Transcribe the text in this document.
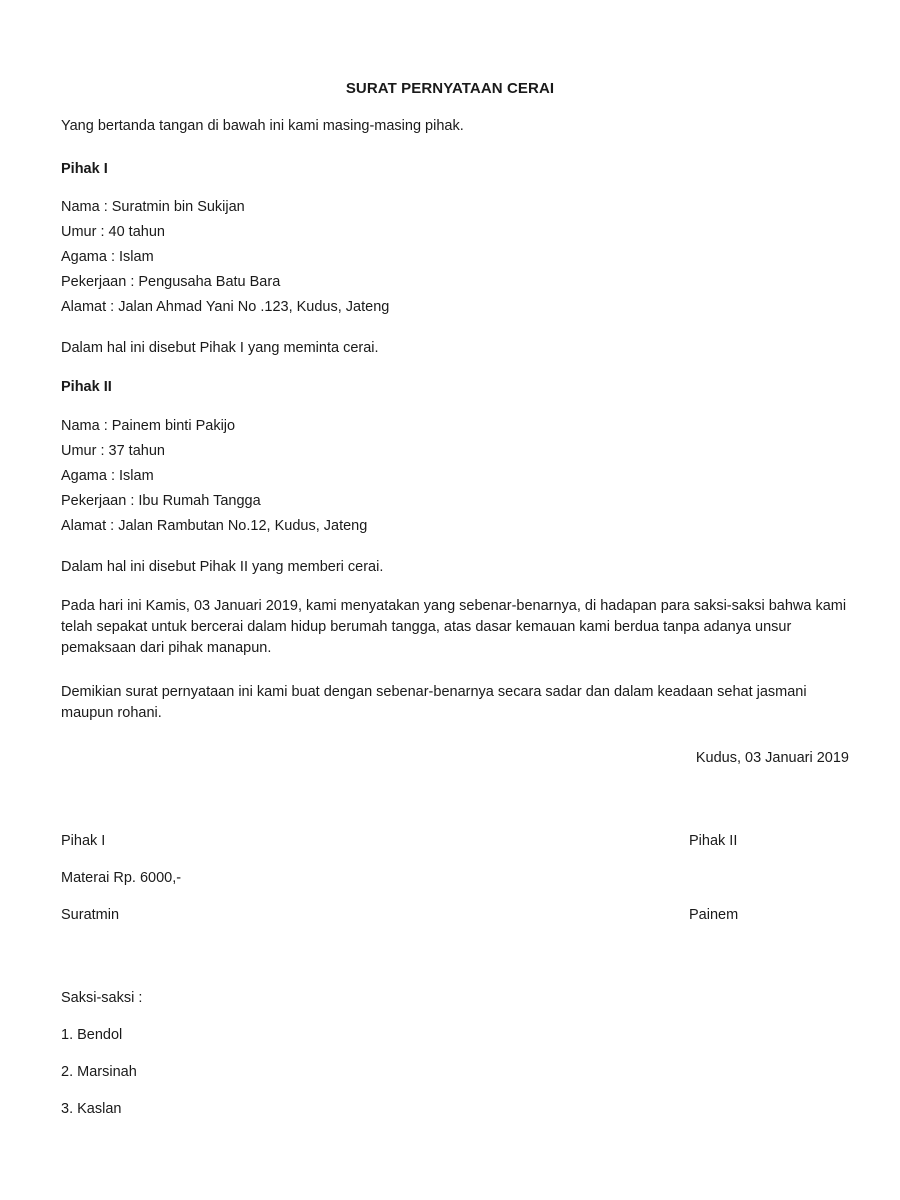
SURAT PERNYATAAN CERAI
Yang bertanda tangan di bawah ini kami masing-masing pihak.
Pihak I
Nama : Suratmin bin Sukijan
Umur : 40 tahun
Agama : Islam
Pekerjaan : Pengusaha Batu Bara
Alamat : Jalan Ahmad Yani No .123, Kudus, Jateng
Dalam hal ini disebut Pihak I yang meminta cerai.
Pihak II
Nama : Painem binti Pakijo
Umur : 37 tahun
Agama : Islam
Pekerjaan : Ibu Rumah Tangga
Alamat : Jalan Rambutan No.12, Kudus, Jateng
Dalam hal ini disebut Pihak II yang memberi cerai.
Pada hari ini Kamis, 03 Januari 2019, kami menyatakan yang sebenar-benarnya, di hadapan para saksi-saksi bahwa kami telah sepakat untuk bercerai dalam hidup berumah tangga, atas dasar kemauan kami berdua tanpa adanya unsur pemaksaan dari pihak manapun.
Demikian surat pernyataan ini kami buat dengan sebenar-benarnya secara sadar dan dalam keadaan sehat jasmani maupun rohani.
Kudus, 03 Januari 2019
Pihak I	Pihak II
Materai Rp. 6000,-
Suratmin	Painem
Saksi-saksi :
1. Bendol
2. Marsinah
3. Kaslan
